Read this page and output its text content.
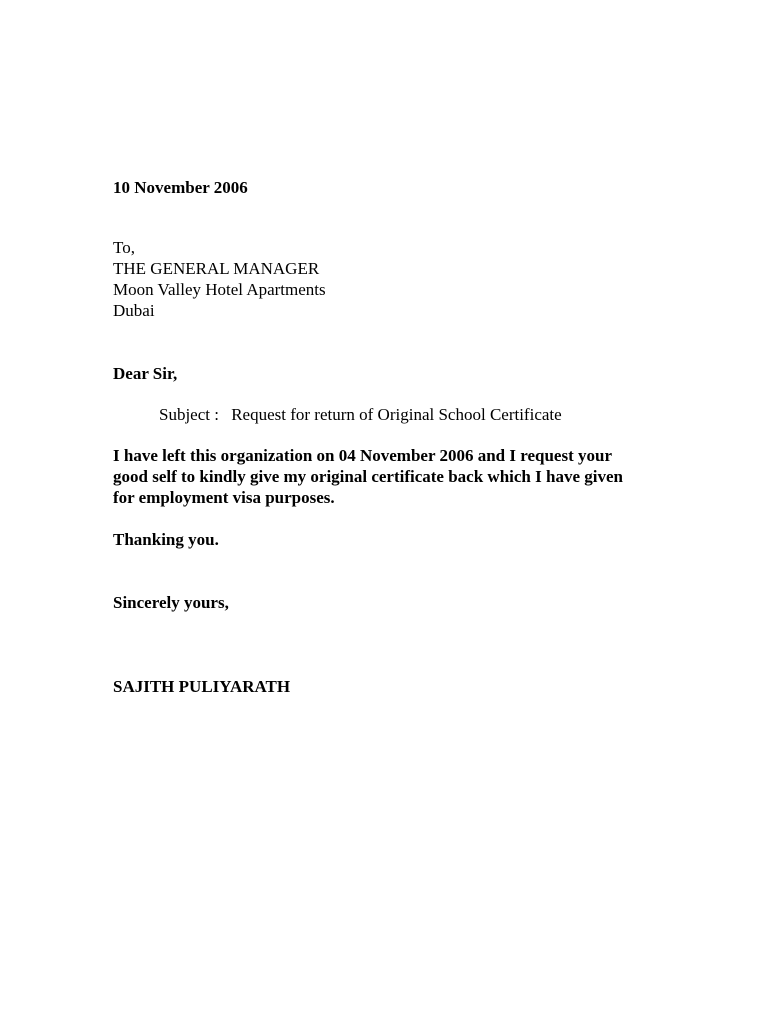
10 November 2006
To,
THE GENERAL MANAGER
Moon Valley Hotel Apartments
Dubai
Dear Sir,
Subject : Request for return of Original School Certificate
I have left this organization on 04 November 2006 and I request your
good self to kindly give my original certificate back which I have given
for employment visa purposes.
Thanking you.
Sincerely yours,
SAJITH PULIYARATH
